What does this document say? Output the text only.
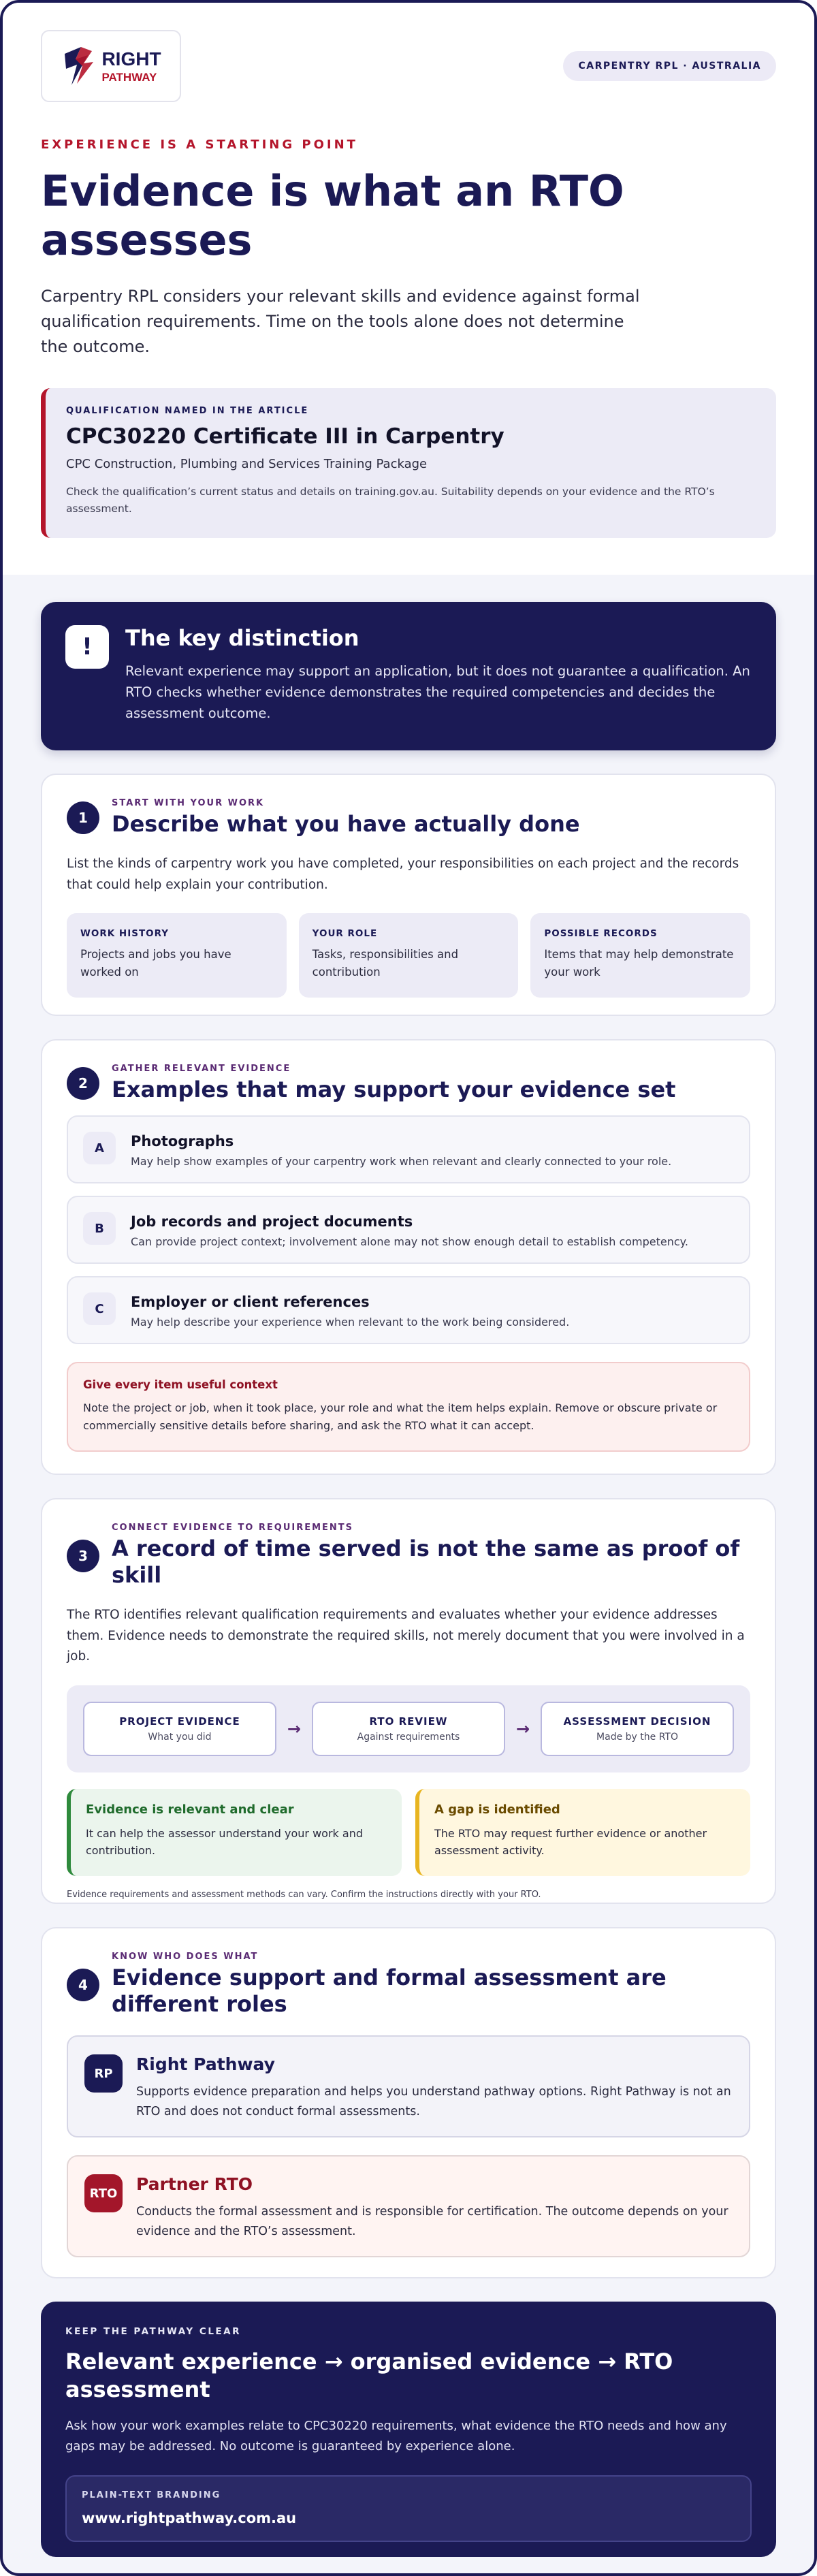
RIGHT
PATHWAY
CARPENTRY RPL · AUSTRALIA
EXPERIENCE IS A STARTING POINT
Evidence is what an RTO assesses

Carpentry RPL considers your relevant skills and evidence against formal qualification requirements. Time on the tools alone does not determine the outcome.

QUALIFICATION NAMED IN THE ARTICLE
CPC30220 Certificate III in Carpentry
CPC Construction, Plumbing and Services Training Package
Check the qualification’s current status and details on training.gov.au. Suitability depends on your evidence and the RTO’s assessment.
!	The key distinction
Relevant experience may support an application, but it does not guarantee a qualification. An RTO checks whether evidence demonstrates the required competencies and decides the assessment outcome.
1
START WITH YOUR WORK
Describe what you have actually done

List the kinds of carpentry work you have completed, your responsibilities on each project and the records that could help explain your contribution.

WORK HISTORY
Projects and jobs you have worked on
YOUR ROLE
Tasks, responsibilities and contribution
POSSIBLE RECORDS
Items that may help demonstrate your work
2
GATHER RELEVANT EVIDENCE
Examples that may support your evidence set
A	Photographs
May help show examples of your carpentry work when relevant and clearly connected to your role.
B	Job records and project documents
Can provide project context; involvement alone may not show enough detail to establish competency.
C	Employer or client references
May help describe your experience when relevant to the work being considered.
Give every item useful context
Note the project or job, when it took place, your role and what the item helps explain. Remove or obscure private or commercially sensitive details before sharing, and ask the RTO what it can accept.
3
CONNECT EVIDENCE TO REQUIREMENTS
A record of time served is not the same as proof of skill

The RTO identifies relevant qualification requirements and evaluates whether your evidence addresses them. Evidence needs to demonstrate the required skills, not merely document that you were involved in a job.

PROJECT EVIDENCE
What you did	→	RTO REVIEW
Against requirements	→	ASSESSMENT DECISION
Made by the RTO
Evidence is relevant and clear
It can help the assessor understand your work and contribution.
A gap is identified
The RTO may request further evidence or another assessment activity.
Evidence requirements and assessment methods can vary. Confirm the instructions directly with your RTO.
4
KNOW WHO DOES WHAT
Evidence support and formal assessment are different roles
RP	Right Pathway
Supports evidence preparation and helps you understand pathway options. Right Pathway is not an RTO and does not conduct formal assessments.
RTO	Partner RTO
Conducts the formal assessment and is responsible for certification. The outcome depends on your evidence and the RTO’s assessment.
KEEP THE PATHWAY CLEAR
Relevant experience → organised evidence → RTO assessment
Ask how your work examples relate to CPC30220 requirements, what evidence the RTO needs and how any gaps may be addressed. No outcome is guaranteed by experience alone.
PLAIN-TEXT BRANDING
www.rightpathway.com.au
